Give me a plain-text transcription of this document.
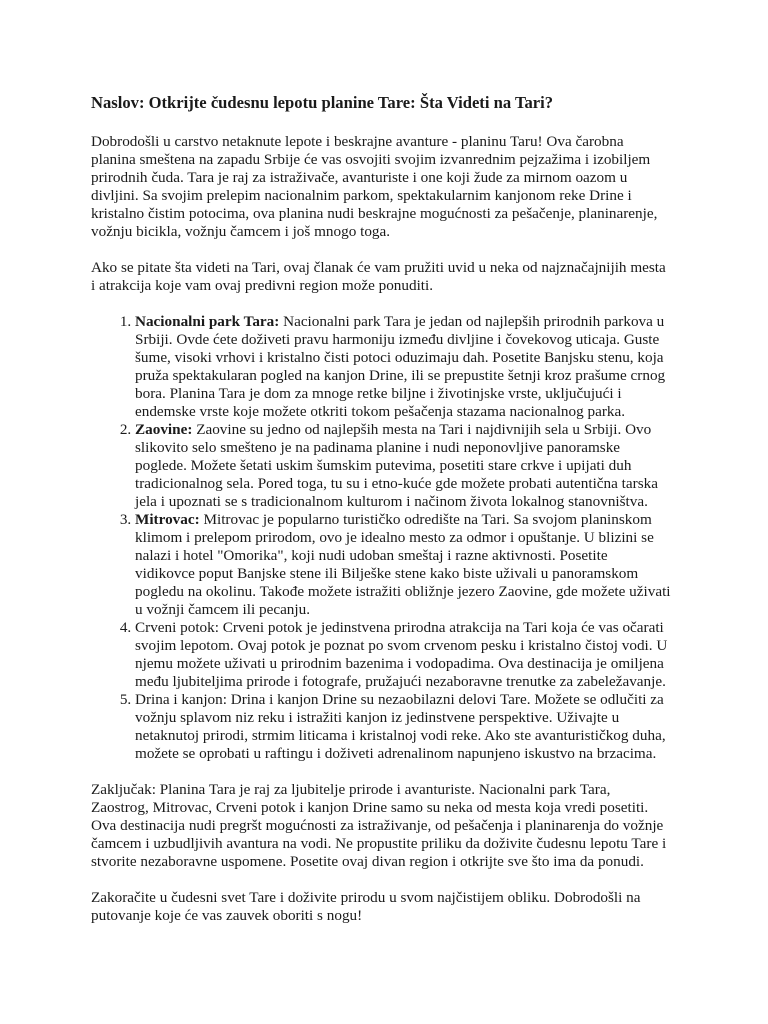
Naslov: Otkrijte čudesnu lepotu planine Tare: Šta Videti na Tari?

Dobrodošli u carstvo netaknute lepote i beskrajne avanture - planinu Taru! Ova čarobna planina smeštena na zapadu Srbije će vas osvojiti svojim izvanrednim pejzažima i izobiljem prirodnih čuda. Tara je raj za istraživače, avanturiste i one koji žude za mirnom oazom u divljini. Sa svojim prelepim nacionalnim parkom, spektakularnim kanjonom reke Drine i kristalno čistim potocima, ova planina nudi beskrajne mogućnosti za pešačenje, planinarenje, vožnju bicikla, vožnju čamcem i još mnogo toga.

Ako se pitate šta videti na Tari, ovaj članak će vam pružiti uvid u neka od najznačajnijih mesta i atrakcija koje vam ovaj predivni region može ponuditi.

1. Nacionalni park Tara: Nacionalni park Tara je jedan od najlepših prirodnih parkova u Srbiji. Ovde ćete doživeti pravu harmoniju između divljine i čovekovog uticaja. Guste šume, visoki vrhovi i kristalno čisti potoci oduzimaju dah. Posetite Banjsku stenu, koja pruža spektakularan pogled na kanjon Drine, ili se prepustite šetnji kroz prašume crnog bora. Planina Tara je dom za mnoge retke biljne i životinjske vrste, uključujući i endemske vrste koje možete otkriti tokom pešačenja stazama nacionalnog parka.
2. Zaovine: Zaovine su jedno od najlepših mesta na Tari i najdivnijih sela u Srbiji. Ovo slikovito selo smešteno je na padinama planine i nudi neponovljive panoramske poglede. Možete šetati uskim šumskim putevima, posetiti stare crkve i upijati duh tradicionalnog sela. Pored toga, tu su i etno-kuće gde možete probati autentična tarska jela i upoznati se s tradicionalnom kulturom i načinom života lokalnog stanovništva.
3. Mitrovac: Mitrovac je popularno turističko odredište na Tari. Sa svojom planinskom klimom i prelepom prirodom, ovo je idealno mesto za odmor i opuštanje. U blizini se nalazi i hotel "Omorika", koji nudi udoban smeštaj i razne aktivnosti. Posetite vidikovce poput Banjske stene ili Bilješke stene kako biste uživali u panoramskom pogledu na okolinu. Takođe možete istražiti obližnje jezero Zaovine, gde možete uživati u vožnji čamcem ili pecanju.
4. Crveni potok: Crveni potok je jedinstvena prirodna atrakcija na Tari koja će vas očarati svojim lepotom. Ovaj potok je poznat po svom crvenom pesku i kristalno čistoj vodi. U njemu možete uživati u prirodnim bazenima i vodopadima. Ova destinacija je omiljena među ljubiteljima prirode i fotografe, pružajući nezaboravne trenutke za zabeležavanje.
5. Drina i kanjon: Drina i kanjon Drine su nezaobilazni delovi Tare. Možete se odlučiti za vožnju splavom niz reku i istražiti kanjon iz jedinstvene perspektive. Uživajte u netaknutoj prirodi, strmim liticama i kristalnoj vodi reke. Ako ste avanturističkog duha, možete se oprobati u raftingu i doživeti adrenalinom napunjeno iskustvo na brzacima.

Zaključak: Planina Tara je raj za ljubitelje prirode i avanturiste. Nacionalni park Tara, Zaostrog, Mitrovac, Crveni potok i kanjon Drine samo su neka od mesta koja vredi posetiti. Ova destinacija nudi pregršt mogućnosti za istraživanje, od pešačenja i planinarenja do vožnje čamcem i uzbudljivih avantura na vodi. Ne propustite priliku da doživite čudesnu lepotu Tare i stvorite nezaboravne uspomene. Posetite ovaj divan region i otkrijte sve što ima da ponudi.

Zakoračite u čudesni svet Tare i doživite prirodu u svom najčistijem obliku. Dobrodošli na putovanje koje će vas zauvek oboriti s nogu!
